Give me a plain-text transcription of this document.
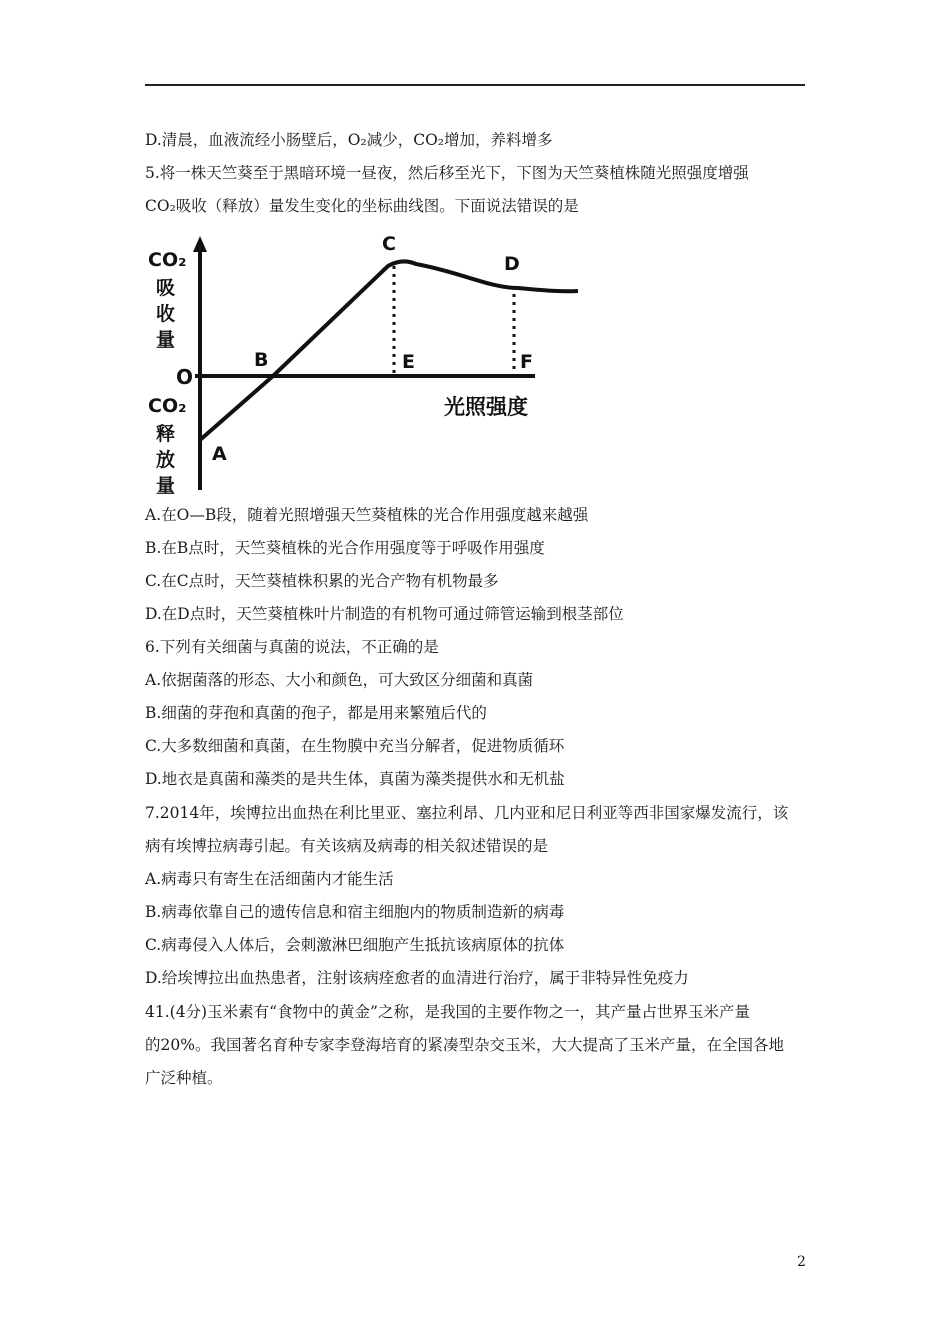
D.清晨，血液流经小肠壁后，O₂减少，CO₂增加，养料增多
5.将一株天竺葵至于黑暗环境一昼夜，然后移至光下，下图为天竺葵植株随光照强度增强
CO₂吸收（释放）量发生变化的坐标曲线图。下面说法错误的是
CO₂
吸
收
量
O
CO₂
释
放
量
A
B
C
D
E	F
光照强度
A.在O—B段，随着光照增强天竺葵植株的光合作用强度越来越强
B.在B点时，天竺葵植株的光合作用强度等于呼吸作用强度
C.在C点时，天竺葵植株积累的光合产物有机物最多
D.在D点时，天竺葵植株叶片制造的有机物可通过筛管运输到根茎部位
6.下列有关细菌与真菌的说法，不正确的是
A.依据菌落的形态、大小和颜色，可大致区分细菌和真菌
B.细菌的芽孢和真菌的孢子，都是用来繁殖后代的
C.大多数细菌和真菌，在生物膜中充当分解者，促进物质循环
D.地衣是真菌和藻类的是共生体，真菌为藻类提供水和无机盐
7.2014年，埃博拉出血热在利比里亚、塞拉利昂、几内亚和尼日利亚等西非国家爆发流行，该
病有埃博拉病毒引起。有关该病及病毒的相关叙述错误的是
A.病毒只有寄生在活细菌内才能生活
B.病毒依靠自己的遗传信息和宿主细胞内的物质制造新的病毒
C.病毒侵入人体后，会刺激淋巴细胞产生抵抗该病原体的抗体
D.给埃博拉出血热患者，注射该病痊愈者的血清进行治疗，属于非特异性免疫力
41.(4分)玉米素有“食物中的黄金”之称，是我国的主要作物之一，其产量占世界玉米产量
的20%。我国著名育种专家李登海培育的紧凑型杂交玉米，大大提高了玉米产量，在全国各地
广泛种植。
2
